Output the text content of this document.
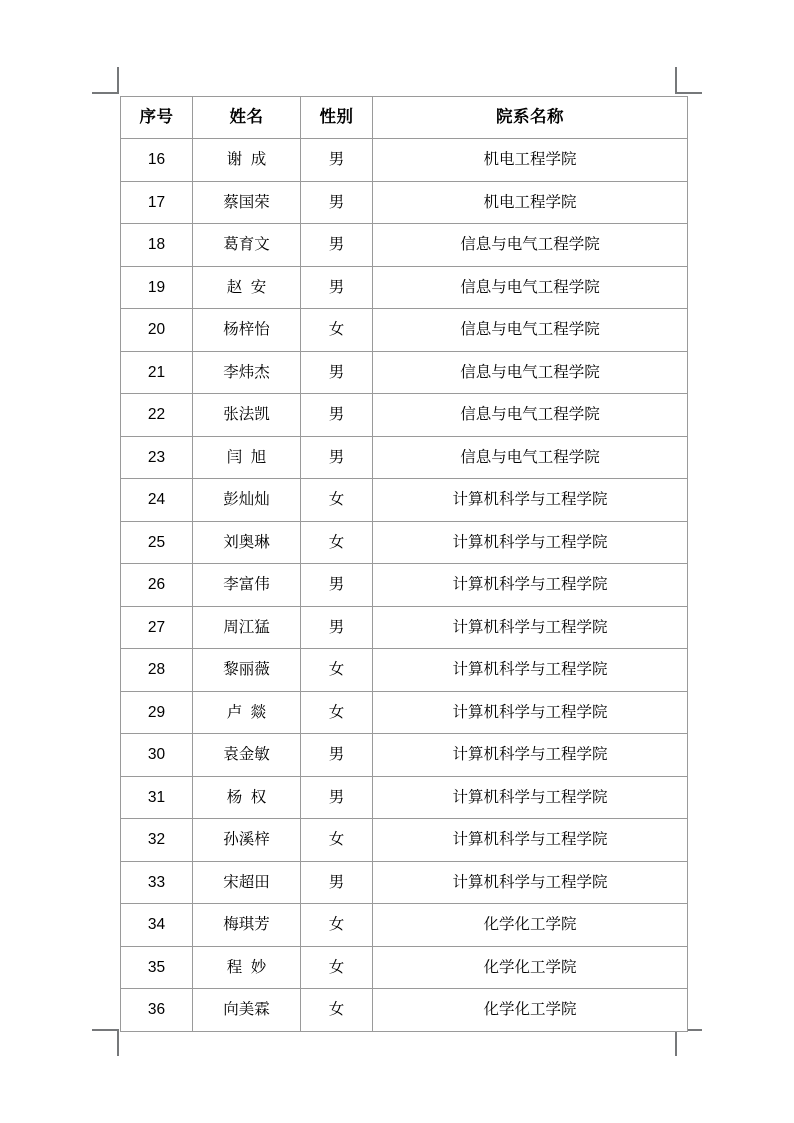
序号	姓名	性别	院系名称
16	谢  成	男	机电工程学院
17	蔡国荣	男	机电工程学院
18	葛育文	男	信息与电气工程学院
19	赵  安	男	信息与电气工程学院
20	杨梓怡	女	信息与电气工程学院
21	李炜杰	男	信息与电气工程学院
22	张法凯	男	信息与电气工程学院
23	闫  旭	男	信息与电气工程学院
24	彭灿灿	女	计算机科学与工程学院
25	刘奥琳	女	计算机科学与工程学院
26	李富伟	男	计算机科学与工程学院
27	周江猛	男	计算机科学与工程学院
28	黎丽薇	女	计算机科学与工程学院
29	卢  燚	女	计算机科学与工程学院
30	袁金敏	男	计算机科学与工程学院
31	杨  权	男	计算机科学与工程学院
32	孙溪梓	女	计算机科学与工程学院
33	宋超田	男	计算机科学与工程学院
34	梅琪芳	女	化学化工学院
35	程  妙	女	化学化工学院
36	向美霖	女	化学化工学院
